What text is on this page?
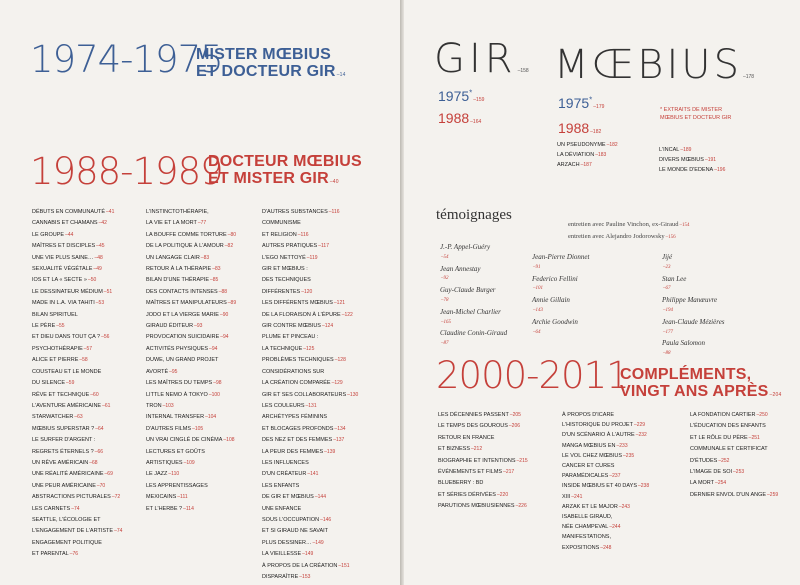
1974-1975
MISTER MŒBIUS
ET DOCTEUR GIR–14
1988-1989
DOCTEUR MŒBIUS
ET MISTER GIR–40
DÉBUTS EN COMMUNAUTÉ–41
CANNABIS ET CHAMANS–42
LE GROUPE–44
MAÎTRES ET DISCIPLES–45
UNE VIE PLUS SAINE…–48
SEXUALITÉ VÉGÉTALE–49
IOS ET LA « SECTE »–50
LE DESSINATEUR MÉDIUM–51
MADE IN L.A. VIA TAHITI–53
BILAN SPIRITUEL
LE PÈRE–55
ET DIEU DANS TOUT ÇA ?–56
PSYCHOTHÉRAPIE–57
ALICE ET PIERRE–58
COUSTEAU ET LE MONDE
DU SILENCE–59
RÊVE ET TECHNIQUE–60
L'AVENTURE AMÉRICAINE–61
STARWATCHER–63
MŒBIUS SUPERSTAR ?–64
LE SURFER D'ARGENT :
REGRETS ÉTERNELS ?–66
UN RÊVE AMÉRICAIN–68
UNE RÉALITÉ AMÉRICAINE–69
UNE PEUR AMÉRICAINE–70
ABSTRACTIONS PICTURALES–72
LES CARNETS–74
SEATTLE, L'ÉCOLOGIE ET
L'ENGAGEMENT DE L'ARTISTE–74
ENGAGEMENT POLITIQUE
ET PARENTAL–76
L'INSTINCTOTHÉRAPIE,
LA VIE ET LA MORT–77
LA BOUFFE COMME TORTURE–80
DE LA POLITIQUE À L'AMOUR–82
UN LANGAGE CLAIR–83
RETOUR À LA THÉRAPIE–83
BILAN D'UNE THÉRAPIE–85
DES CONTACTS INTENSES–88
MAÎTRES ET MANIPULATEURS–89
JODO ET LA VIERGE MARIE–90
GIRAUD ÉDITEUR–93
PROVOCATION SUICIDAIRE–94
ACTIVITÉS PHYSIQUES–94
DUWE, UN GRAND PROJET
AVORTÉ–95
LES MAÎTRES DU TEMPS–98
LITTLE NEMO À TOKYO–100
TRON–103
INTERNAL TRANSFER–104
D'AUTRES FILMS–105
UN VRAI CINGLÉ DE CINÉMA–108
LECTURES ET GOÛTS
ARTISTIQUES–109
LE JAZZ–110
LES APPRENTISSAGES
MEXICAINS–111
ET L'HERBE ?–114
D'AUTRES SUBSTANCES–116
COMMUNISME
ET RELIGION–116
AUTRES PRATIQUES–117
L'EGO NETTOYÉ–119
GIR ET MŒBIUS :
DES TECHNIQUES
DIFFÉRENTES–120
LES DIFFÉRENTS MŒBIUS–121
DE LA FLORAISON À L'ÉPURE–122
GIR CONTRE MŒBIUS–124
PLUME ET PINCEAU :
LA TECHNIQUE–125
PROBLÈMES TECHNIQUES–128
CONSIDÉRATIONS SUR
LA CRÉATION COMPARÉE–129
GIR ET SES COLLABORATEURS–130
LES COULEURS–131
ARCHÉTYPES FÉMININS
ET BLOCAGES PROFONDS–134
DES NEZ ET DES FEMMES–137
LA PEUR DES FEMMES–139
LES INFLUENCES
D'UN CRÉATEUR–141
LES ENFANTS
DE GIR ET MŒBIUS–144
UNE ENFANCE
SOUS L'OCCUPATION–146
ET SI GIRAUD NE SAVAIT
PLUS DESSINER…–149
LA VIEILLESSE–149
À PROPOS DE LA CRÉATION–151
DISPARAÎTRE–153
GIR–158
1975*–159
1988–164
MŒBIUS–178
1975*–179	* EXTRAITS DE MISTER
MŒBIUS ET DOCTEUR GIR
1988–182
UN PSEUDONYME–182
LA DÉVIATION–183
ARZACH–187
L'INCAL–189
DIVERS MŒBIUS–191
LE MONDE D'EDENA–196
témoignages
entretien avec Pauline Vinchon, ex-Giraud–154
entretien avec Alejandro Jodorowsky–156
J.-P. Appel-Guéry
–54
Jean Annestay
–92
Guy-Claude Burger
–78
Jean-Michel Charlier
–165
Claudine Conin-Giraud
–87
Jean-Pierre Dionnet
–91
Federico Fellini
–101
Annie Gillain
–143
Archie Goodwin
–64
Jijé
–23
Stan Lee
–67
Philippe Manœuvre
–194
Jean-Claude Mézières
–177
Paula Salomon
–88
2000-2011
COMPLÉMENTS,
VINGT ANS APRÈS–204
LES DÉCENNIES PASSENT–205
LE TEMPS DES GOUROUS–206
RETOUR EN FRANCE
ET BIZNESS–212
BIOGRAPHIE ET INTENTIONS–215
ÉVÉNEMENTS ET FILMS–217
BLUEBERRY : BD
ET SÉRIES DÉRIVÉES–220
PARUTIONS MŒBIUSIENNES–226
À PROPOS D'ICARE
L'HISTORIQUE DU PROJET–229
D'UN SCÉNARIO À L'AUTRE–232
MANGA MŒBIUS EN–233
LE VOL CHEZ MŒBIUS–235
CANCER ET CURES
PARAMÉDICALES–237
INSIDE MŒBIUS ET 40 DAYS–238
XIII–241
ARZAK ET LE MAJOR–243
ISABELLE GIRAUD,
NÉE CHAMPEVAL–244
MANIFESTATIONS,
EXPOSITIONS–248
LA FONDATION CARTIER–250
L'ÉDUCATION DES ENFANTS
ET LE RÔLE DU PÈRE–251
COMMUNALE ET CERTIFICAT
D'ÉTUDES–252
L'IMAGE DE SOI–253
LA MORT–254
DERNIER ENVOL D'UN ANGE–259
